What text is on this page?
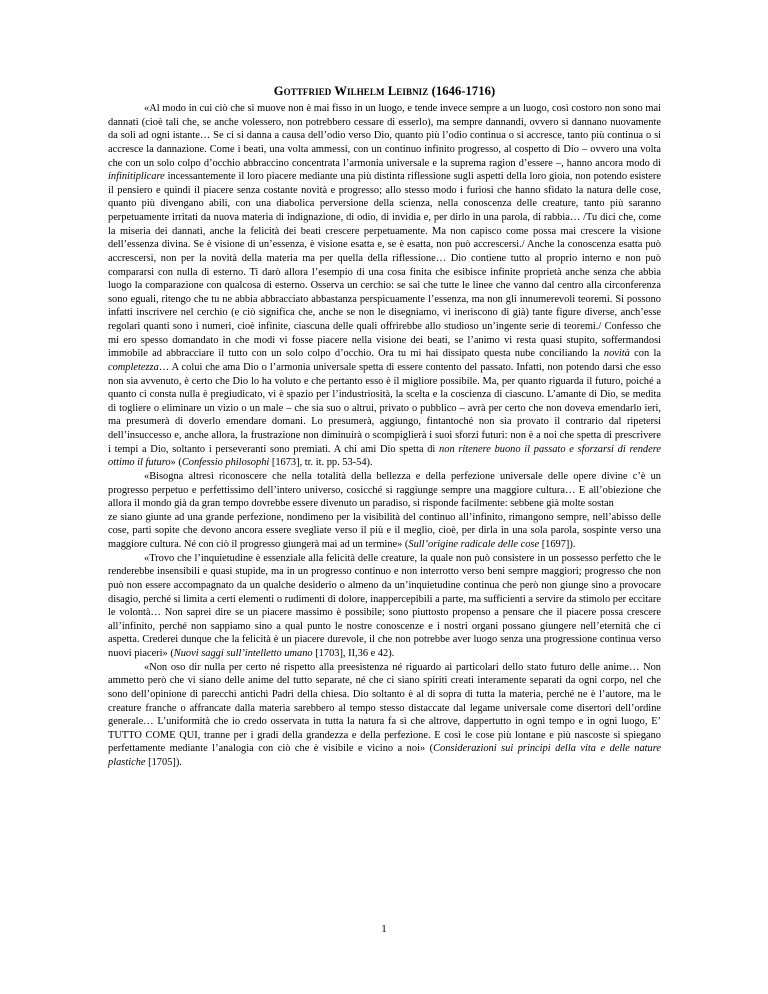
Gottfried Wilhelm Leibniz (1646-1716)

«Al modo in cui ciò che si muove non è mai fisso in un luogo, e tende invece sempre a un luogo, così costoro non sono mai dannati (cioè tali che, se anche volessero, non potrebbero cessare di esserlo), ma sempre dannandi, ovvero si dannano nuovamente da soli ad ogni istante… Se ci si danna a causa dell’odio verso Dio, quanto più l’odio continua o si accresce, tanto più continua o si accresce la dannazione. Come i beati, una volta ammessi, con un continuo infinito progresso, al cospetto di Dio – ovvero una volta che con un solo colpo d’occhio abbraccino concentrata l’armonia universale e la suprema ragion d’essere –, hanno ancora modo di infinitiplicare incessantemente il loro piacere mediante una più distinta riflessione sugli aspetti della loro gioia, non potendo esistere il pensiero e quindi il piacere senza costante novità e progresso; allo stesso modo i furiosi che hanno sfidato la natura delle cose, quanto più divengano abili, con una diabolica perversione della scienza, nella conoscenza delle creature, tanto più saranno perpetuamente irritati da nuova materia di indignazione, di odio, di invidia e, per dirlo in una parola, di rabbia… /Tu dici che, come la miseria dei dannati, anche la felicità dei beati crescere perpetuamente. Ma non capisco come possa mai crescere la visione dell’essenza divina. Se è visione di un’essenza, è visione esatta e, se è esatta, non può accrescersi./ Anche la conoscenza esatta può accrescersi, non per la novità della materia ma per quella della riflessione… Dio contiene tutto al proprio interno e non può compararsi con nulla di esterno. Ti darò allora l’esempio di una cosa finita che esibisce infinite proprietà anche senza che abbia luogo la comparazione con qualcosa di esterno. Osserva un cerchio: se sai che tutte le linee che vanno dal centro alla circonferenza sono eguali, ritengo che tu ne abbia abbracciato abbastanza perspicuamente l’essenza, ma non gli innumerevoli teoremi. Si possono infatti inscrivere nel cerchio (e ciò significa che, anche se non le disegniamo, vi ineriscono di già) tante figure diverse, anch’esse regolari quanti sono i numeri, cioè infinite, ciascuna delle quali offrirebbe allo studioso un’ingente serie di teoremi./ Confesso che mi ero spesso domandato in che modi vi fosse piacere nella visione dei beati, se l’animo vi resta quasi stupito, soffermandosi immobile ad abbracciare il tutto con un solo colpo d’occhio. Ora tu mi hai dissipato questa nube conciliando la novità con la completezza… A colui che ama Dio o l’armonia universale spetta di essere contento del passato. Infatti, non potendo darsi che esso non sia avvenuto, è certo che Dio lo ha voluto e che pertanto esso è il migliore possibile. Ma, per quanto riguarda il futuro, poiché a quanto ci consta nulla è pregiudicato, vi è spazio per l’industriosità, la scelta e la coscienza di ciascuno. L’amante di Dio, se medita di togliere o eliminare un vizio o un male – che sia suo o altrui, privato o pubblico – avrà per certo che non doveva emendarlo ieri, ma presumerà di doverlo emendare domani. Lo presumerà, aggiungo, fintantoché non sia provato il contrario dal ripetersi dell’insuccesso e, anche allora, la frustrazione non diminuirà o scompiglierà i suoi sforzi futuri: non è a noi che spetta di prescrivere i tempi a Dio, soltanto i perseveranti sono premiati. A chi ami Dio spetta di non ritenere buono il passato e sforzarsi di rendere ottimo il futuro» (Confessio philosophi [1673], tr. it. pp. 53-54).

«Bisogna altresì riconoscere che nella totalità della bellezza e della perfezione universale delle opere divine c’è un progresso perpetuo e perfettissimo dell’intero universo, cosicché si raggiunge sempre una maggiore cultura… E all’obiezione che allora il mondo già da gran tempo dovrebbe essere divenuto un paradiso, si risponde facilmente: sebbene già molte sostan
ze siano giunte ad una grande perfezione, nondimeno per la visibilità del continuo all’infinito, rimangono sempre, nell’abisso delle cose, parti sopite che devono ancora essere svegliate verso il più e il meglio, cioè, per dirla in una sola parola, sospinte verso una maggiore cultura. Né con ciò il progresso giungerà mai ad un termine» (Sull’origine radicale delle cose [1697]).

«Trovo che l’inquietudine è essenziale alla felicità delle creature, la quale non può consistere in un possesso perfetto che le renderebbe insensibili e quasi stupide, ma in un progresso continuo e non interrotto verso beni sempre maggiori; progresso che non può non essere accompagnato da un qualche desiderio o almeno da un’inquietudine continua che però non giunge sino a provocare disagio, perché si limita a certi elementi o rudimenti di dolore, inappercepibili a parte, ma sufficienti a servire da stimolo per eccitare le volontà… Non saprei dire se un piacere massimo è possibile; sono piuttosto propenso a pensare che il piacere possa crescere all’infinito, perché non sappiamo sino a qual punto le nostre conoscenze e i nostri organi possano giungere nell’eternità che ci aspetta. Crederei dunque che la felicità è un piacere durevole, il che non potrebbe aver luogo senza una progressione continua verso nuovi piaceri» (Nuovi saggi sull’intelletto umano [1703], II,36 e 42).

«Non oso dir nulla per certo né rispetto alla preesistenza né riguardo ai particolari dello stato futuro delle anime… Non ammetto però che vi siano delle anime del tutto separate, né che ci siano spiriti creati interamente separati da ogni corpo, nel che sono dell’opinione di parecchi antichi Padri della chiesa. Dio soltanto è al di sopra di tutta la materia, perché ne è l’autore, ma le creature franche o affrancate dalla materia sarebbero al tempo stesso distaccate dal legame universale come disertori dell’ordine generale… L’uniformità che io credo osservata in tutta la natura fa sì che altrove, dappertutto in ogni tempo e in ogni luogo, E’ TUTTO COME QUI, tranne per i gradi della grandezza e della perfezione. E così le cose più lontane e più nascoste si spiegano perfettamente mediante l’analogia con ciò che è visibile e vicino a noi» (Considerazioni sui principi della vita e delle nature plastiche [1705]).

1
